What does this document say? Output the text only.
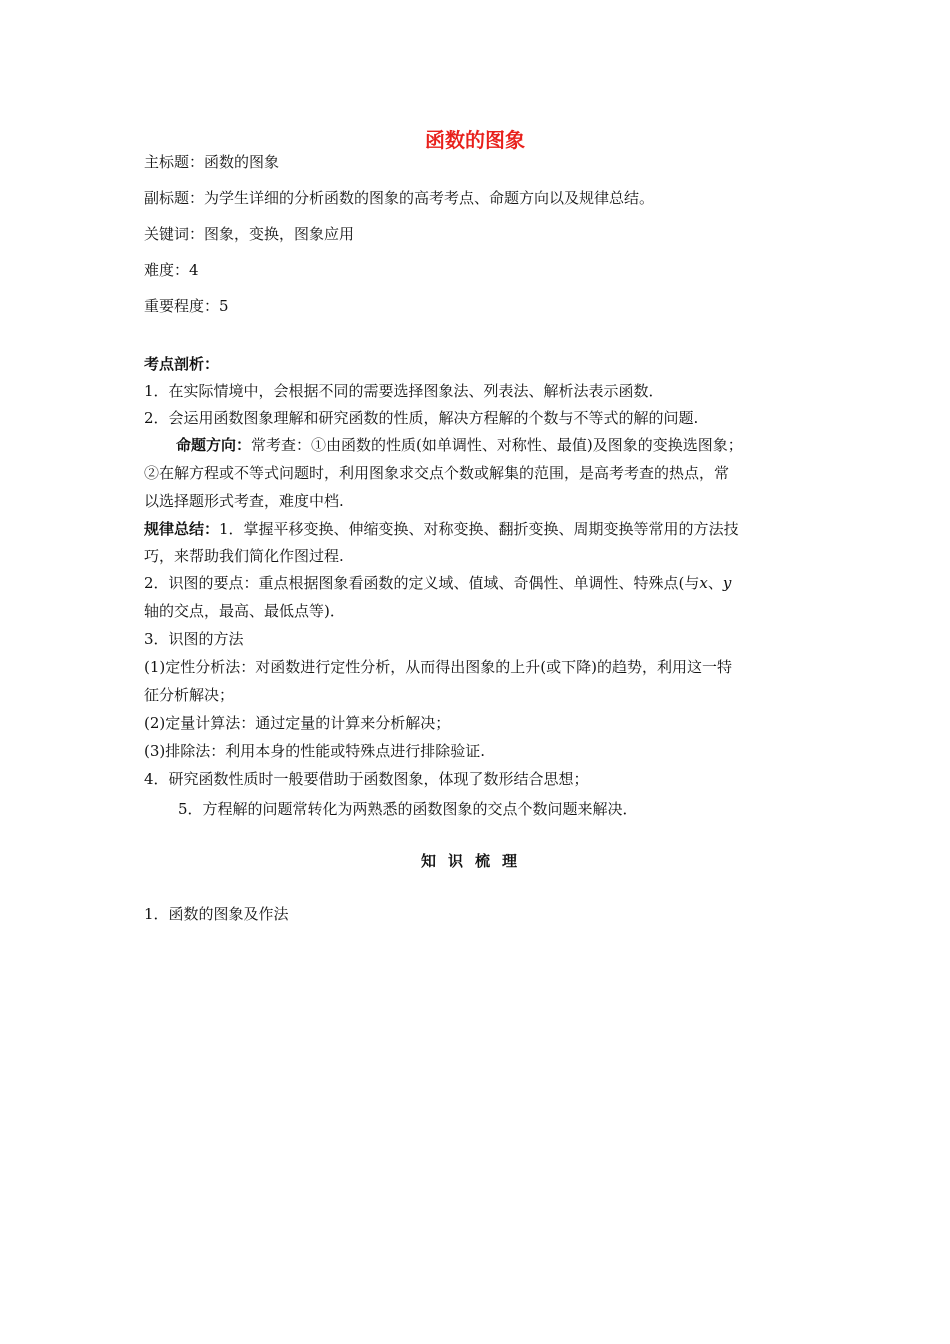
函数的图象
主标题：函数的图象
副标题：为学生详细的分析函数的图象的高考考点、命题方向以及规律总结。
关键词：图象，变换，图象应用
难度：4
重要程度：5
考点剖析：
1．在实际情境中，会根据不同的需要选择图象法、列表法、解析法表示函数．
2．会运用函数图象理解和研究函数的性质，解决方程解的个数与不等式的解的问题.
命题方向：常考查：①由函数的性质(如单调性、对称性、最值)及图象的变换选图象；
②在解方程或不等式问题时，利用图象求交点个数或解集的范围，是高考考查的热点，常
以选择题形式考查，难度中档.
规律总结：1．掌握平移变换、伸缩变换、对称变换、翻折变换、周期变换等常用的方法技
巧，来帮助我们简化作图过程.
2．识图的要点：重点根据图象看函数的定义域、值域、奇偶性、单调性、特殊点(与x、y
轴的交点，最高、最低点等)．
3．识图的方法
(1)定性分析法：对函数进行定性分析，从而得出图象的上升(或下降)的趋势，利用这一特
征分析解决；
(2)定量计算法：通过定量的计算来分析解决；
(3)排除法：利用本身的性能或特殊点进行排除验证.
4．研究函数性质时一般要借助于函数图象，体现了数形结合思想；
5．方程解的问题常转化为两熟悉的函数图象的交点个数问题来解决．
知识梳理
1．函数的图象及作法
